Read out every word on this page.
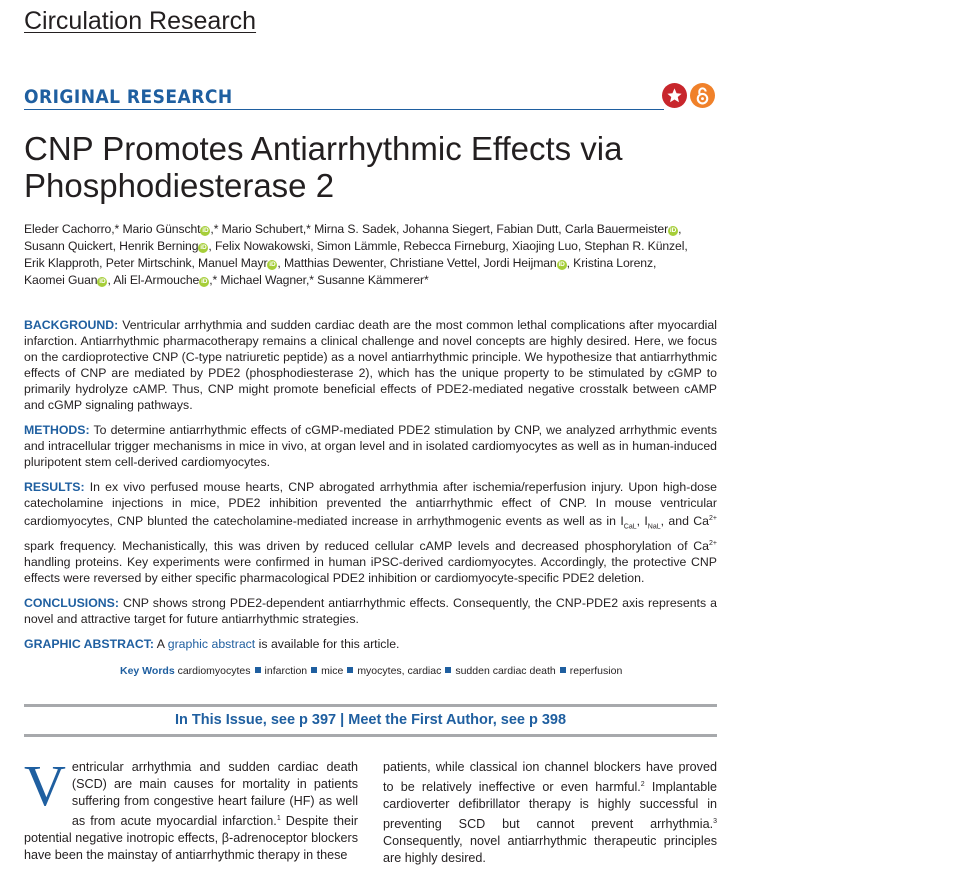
Circulation Research
ORIGINAL RESEARCH
CNP Promotes Antiarrhythmic Effects via
Phosphodiesterase 2

Eleder Cachorro,* Mario Günscht iD ,* Mario Schubert,* Mirna S. Sadek, Johanna Siegert, Fabian Dutt, Carla Bauermeister iD ,
Susann Quickert, Henrik Berning iD , Felix Nowakowski, Simon Lämmle, Rebecca Firneburg, Xiaojing Luo, Stephan R. Künzel,
Erik Klapproth, Peter Mirtschink, Manuel Mayr iD , Matthias Dewenter, Christiane Vettel, Jordi Heijman iD , Kristina Lorenz,
Kaomei Guan iD , Ali El-Armouche iD ,* Michael Wagner,* Susanne Kämmerer*

BACKGROUND: Ventricular arrhythmia and sudden cardiac death are the most common lethal complications after myocardial infarction. Antiarrhythmic pharmacotherapy remains a clinical challenge and novel concepts are highly desired. Here, we focus on the cardioprotective CNP (C-type natriuretic peptide) as a novel antiarrhythmic principle. We hypothesize that antiarrhythmic effects of CNP are mediated by PDE2 (phosphodiesterase 2), which has the unique property to be stimulated by cGMP to primarily hydrolyze cAMP. Thus, CNP might promote beneficial effects of PDE2-mediated negative crosstalk between cAMP and cGMP signaling pathways.

METHODS: To determine antiarrhythmic effects of cGMP-mediated PDE2 stimulation by CNP, we analyzed arrhythmic events and intracellular trigger mechanisms in mice in vivo, at organ level and in isolated cardiomyocytes as well as in human-induced pluripotent stem cell-derived cardiomyocytes.

RESULTS: In ex vivo perfused mouse hearts, CNP abrogated arrhythmia after ischemia/reperfusion injury. Upon high-dose catecholamine injections in mice, PDE2 inhibition prevented the antiarrhythmic effect of CNP. In mouse ventricular cardiomyocytes, CNP blunted the catecholamine-mediated increase in arrhythmogenic events as well as in $I_{CaL}$, $I_{NaL}$, and $Ca^{2+}$ spark frequency. Mechanistically, this was driven by reduced cellular cAMP levels and decreased phosphorylation of $Ca^{2+}$ handling proteins. Key experiments were confirmed in human iPSC-derived cardiomyocytes. Accordingly, the protective CNP effects were reversed by either specific pharmacological PDE2 inhibition or cardiomyocyte-specific PDE2 deletion.

CONCLUSIONS: CNP shows strong PDE2-dependent antiarrhythmic effects. Consequently, the CNP-PDE2 axis represents a novel and attractive target for future antiarrhythmic strategies.

GRAPHIC ABSTRACT: A graphic abstract is available for this article.

Key Words cardiomyocytes infarction mice myocytes, cardiac sudden cardiac death reperfusion
In This Issue, see p 397 | Meet the First Author, see p 398

Ventricular arrhythmia and sudden cardiac death (SCD) are main causes for mortality in patients suffering from congestive heart failure (HF) as well as from acute myocardial infarction.$^1$ Despite their potential negative inotropic effects, β-adrenoceptor blockers have been the mainstay of antiarrhythmic therapy in these

patients, while classical ion channel blockers have proved to be relatively ineffective or even harmful.$^2$ Implantable cardioverter defibrillator therapy is highly successful in preventing SCD but cannot prevent arrhythmia.$^3$ Consequently, novel antiarrhythmic therapeutic principles are highly desired.
